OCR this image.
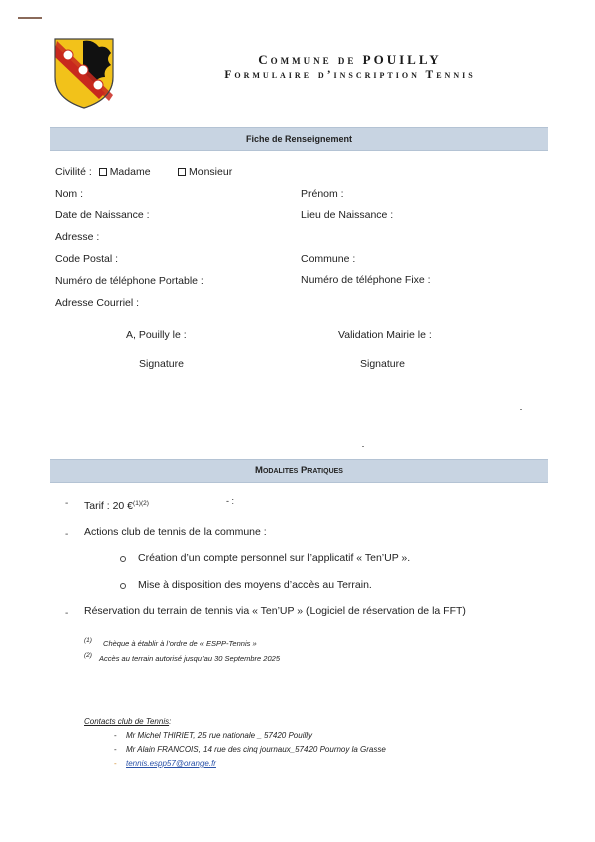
Commune de POUILLY
Formulaire d’inscription Tennis
Fiche de Renseignement
Civilité : Madame	Monsieur
Nom :	Prénom :
Date de Naissance :	Lieu de Naissance :
Adresse :
Code Postal :	Commune :
Numéro de téléphone Portable :	Numéro de téléphone Fixe :
Adresse Courriel :
A, Pouilly le :	Validation Mairie le :
Signature	Signature
Modalites Pratiques
- Tarif : 20 €$^{(1)(2)}$	- :
- Actions club de tennis de la commune :
Création d’un compte personnel sur l’applicatif « Ten’UP ».
Mise à disposition des moyens d’accès au Terrain.
- Réservation du terrain de tennis via « Ten’UP » (Logiciel de réservation de la FFT)
(1) Chèque à établir à l’ordre de « ESPP-Tennis »
(2) Accès au terrain autorisé jusqu’au 30 Septembre 2025
Contacts club de Tennis:
- Mr Michel THIRIET, 25 rue nationale _ 57420 Pouilly
- Mr Alain FRANCOIS, 14 rue des cinq journaux_57420 Pournoy la Grasse
- tennis.espp57@orange.fr
